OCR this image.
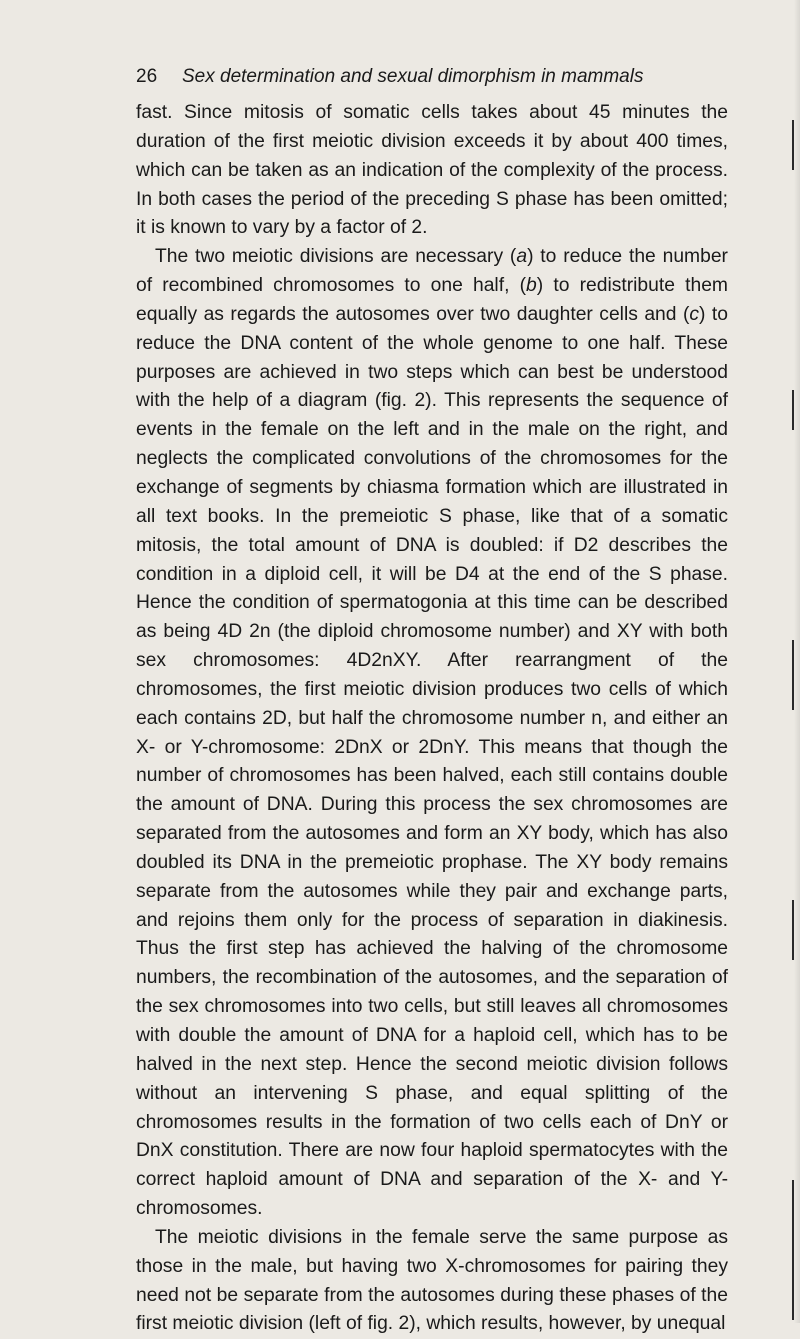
26 Sex determination and sexual dimorphism in mammals

fast. Since mitosis of somatic cells takes about 45 minutes the duration of the first meiotic division exceeds it by about 400 times, which can be taken as an indication of the complexity of the process. In both cases the period of the preceding S phase has been omitted; it is known to vary by a factor of 2.

The two meiotic divisions are necessary (a) to reduce the number of recombined chromosomes to one half, (b) to redistribute them equally as regards the autosomes over two daughter cells and (c) to reduce the DNA content of the whole genome to one half. These purposes are achieved in two steps which can best be understood with the help of a diagram (fig. 2). This represents the sequence of events in the female on the left and in the male on the right, and neglects the complicated convolutions of the chromosomes for the exchange of segments by chiasma formation which are illustrated in all text books. In the premeiotic S phase, like that of a somatic mitosis, the total amount of DNA is doubled: if D2 describes the condition in a diploid cell, it will be D4 at the end of the S phase. Hence the condition of spermatogonia at this time can be described as being 4D 2n (the diploid chromosome number) and XY with both sex chromosomes: 4D2nXY. After rearrangment of the chromosomes, the first meiotic division produces two cells of which each contains 2D, but half the chromosome number n, and either an X- or Y-chromosome: 2DnX or 2DnY. This means that though the number of chromosomes has been halved, each still contains double the amount of DNA. During this process the sex chromosomes are separated from the autosomes and form an XY body, which has also doubled its DNA in the premeiotic prophase. The XY body remains separate from the autosomes while they pair and exchange parts, and rejoins them only for the process of separation in diakinesis. Thus the first step has achieved the halving of the chromosome numbers, the recombination of the autosomes, and the separation of the sex chromosomes into two cells, but still leaves all chromosomes with double the amount of DNA for a haploid cell, which has to be halved in the next step. Hence the second meiotic division follows without an intervening S phase, and equal splitting of the chromosomes results in the formation of two cells each of DnY or DnX constitution. There are now four haploid spermatocytes with the correct haploid amount of DNA and separation of the X- and Y-chromosomes.

The meiotic divisions in the female serve the same purpose as those in the male, but having two X-chromosomes for pairing they need not be separate from the autosomes during these phases of the first meiotic division (left of fig. 2), which results, however, by unequal
